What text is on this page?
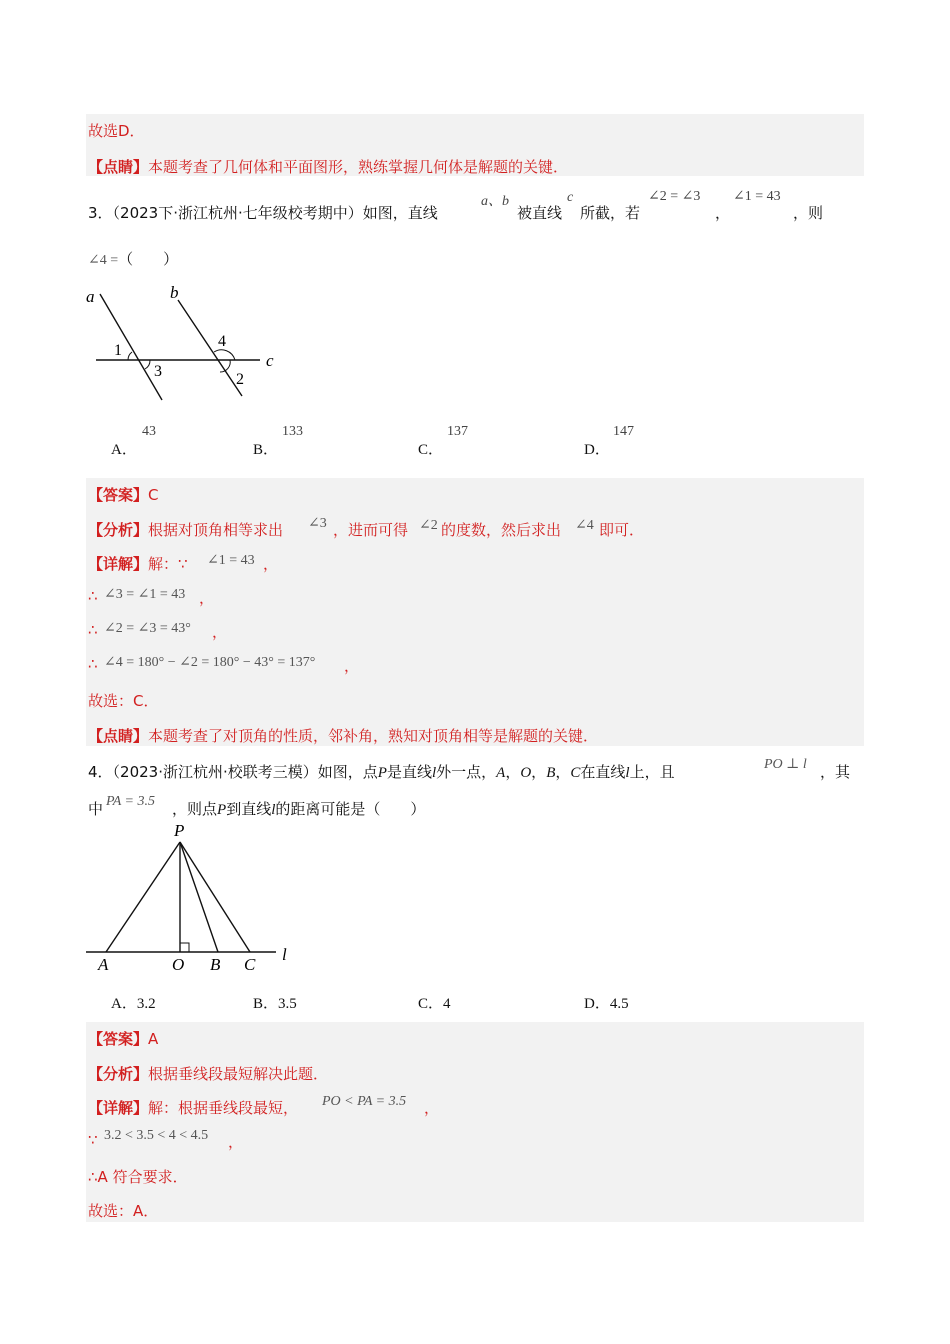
故选D．
【点睛】本题考查了几何体和平面图形，熟练掌握几何体是解题的关键．
3．（2023下·浙江杭州·七年级校考期中）如图，直线
a、b
被直线
c
所截，若
∠2 = ∠3
，
∠1 = 43
，则
∠4 =（　　）
a	b
c
1
3
4
2
A．
43
B．
133
C．
137
D．
147
【答案】C
【分析】根据对顶角相等求出 ∠3 ，进而可得 ∠2 的度数，然后求出 ∠4 即可．
【详解】解：∵ ∠1 = 43 ，
∴ ∠3 = ∠1 = 43 ，
∴ ∠2 = ∠3 = 43° ，
∴ ∠4 = 180° − ∠2 = 180° − 43° = 137° ，
故选：C．
【点睛】本题考查了对顶角的性质，邻补角，熟知对顶角相等是解题的关键．
4．（2023·浙江杭州·校联考三模）如图，点P是直线l外一点，A，O，B，C在直线l上，且	PO ⊥ l ，其
中 PA = 3.5 ，则点P到直线l的距离可能是（　　）
P
A	O B C
l
A．3.2	B．3.5	C．4	D．4.5
【答案】A
【分析】根据垂线段最短解决此题．
【详解】解：根据垂线段最短， PO < PA = 3.5 ，
∵ 3.2 < 3.5 < 4 < 4.5 ，
∴A 符合要求．
故选：A．
